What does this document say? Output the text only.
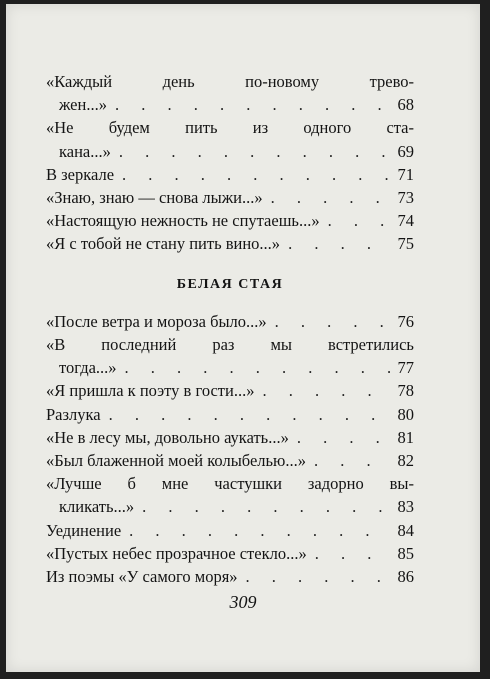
«Каждый	день	по-новому	трево-
жен...» . . .	68
«Не будем пить из одного ста-
кана...» . . .	69
В зеркале . . .	71
«Знаю, знаю — снова лыжи...» . . .	73
«Настоящую нежность не спутаешь...» . . .	74
«Я с тобой не стану пить вино...» . . .	75
БЕЛАЯ СТАЯ
«После ветра и мороза было...» . . .	76
«В последний раз мы встретились
тогда...» . . .	77
«Я пришла к поэту в гости...» . . .	78
Разлука . . .	80
«Не в лесу мы, довольно аукать...» . . .	81
«Был блаженной моей колыбелью...» . . .	82
«Лучше б мне частушки задорно вы-
кликать...» . . .	83
Уединение . . .	84
«Пустых небес прозрачное стекло...» . . .	85
Из поэмы «У самого моря» . . .	86
309
